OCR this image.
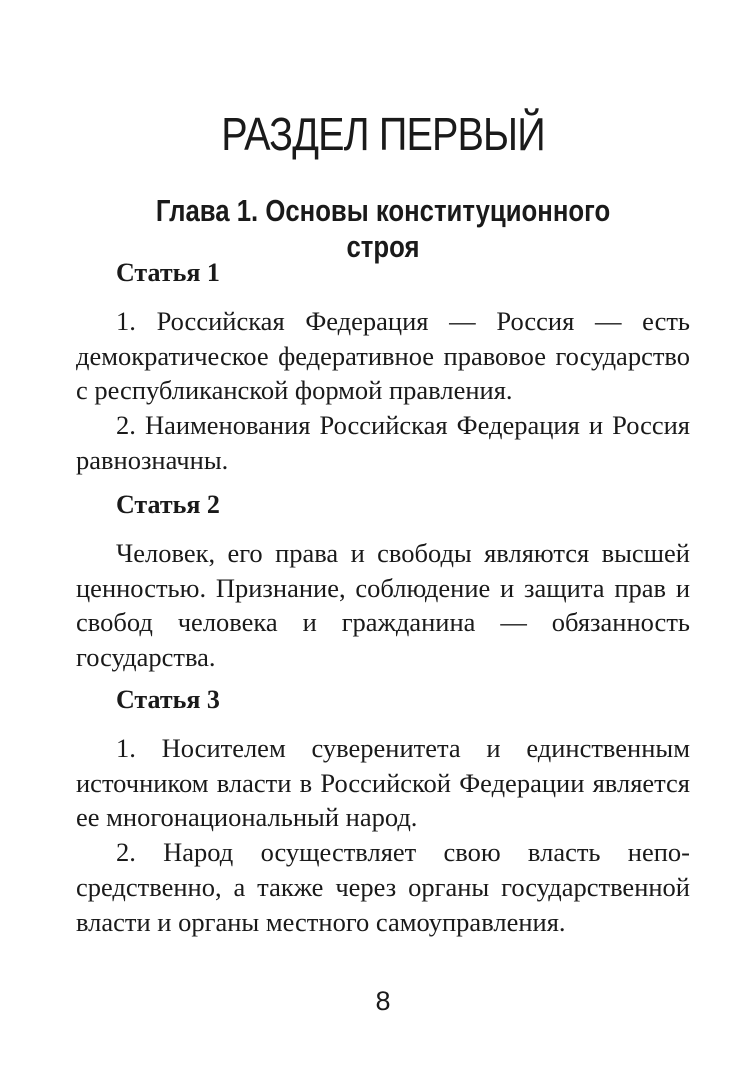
РАЗДЕЛ ПЕРВЫЙ
Глава 1. Основы конституционного строя
Статья 1

1. Российская Федерация — Россия — есть демократическое федеративное правовое государство с республиканской формой правления.

2. Наименования Российская Федерация и Россия равнозначны.

Статья 2

Человек, его права и свободы являются высшей ценностью. Признание, соблюдение и защита прав и свобод человека и гражданина — обязанность государства.

Статья 3

1. Носителем суверенитета и единственным источником власти в Российской Федерации является ее многонациональный народ.

2. Народ осуществляет свою власть непосредственно, а также через органы государственной власти и органы местного самоуправления.

8
